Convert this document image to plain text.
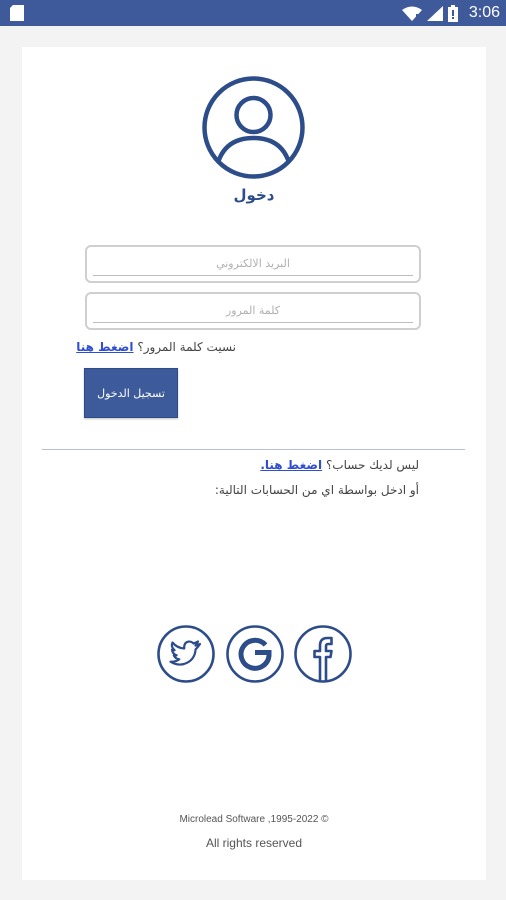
3:06
دخول
البريد الالكتروني
نسيت كلمة المرور؟ اضغط هنا
تسجيل الدخول
ليس لديك حساب؟ اضغط هنا.
أو ادخل بواسطة اي من الحسابات التالية:
Microlead Software ,1995-2022 ©
All rights reserved
